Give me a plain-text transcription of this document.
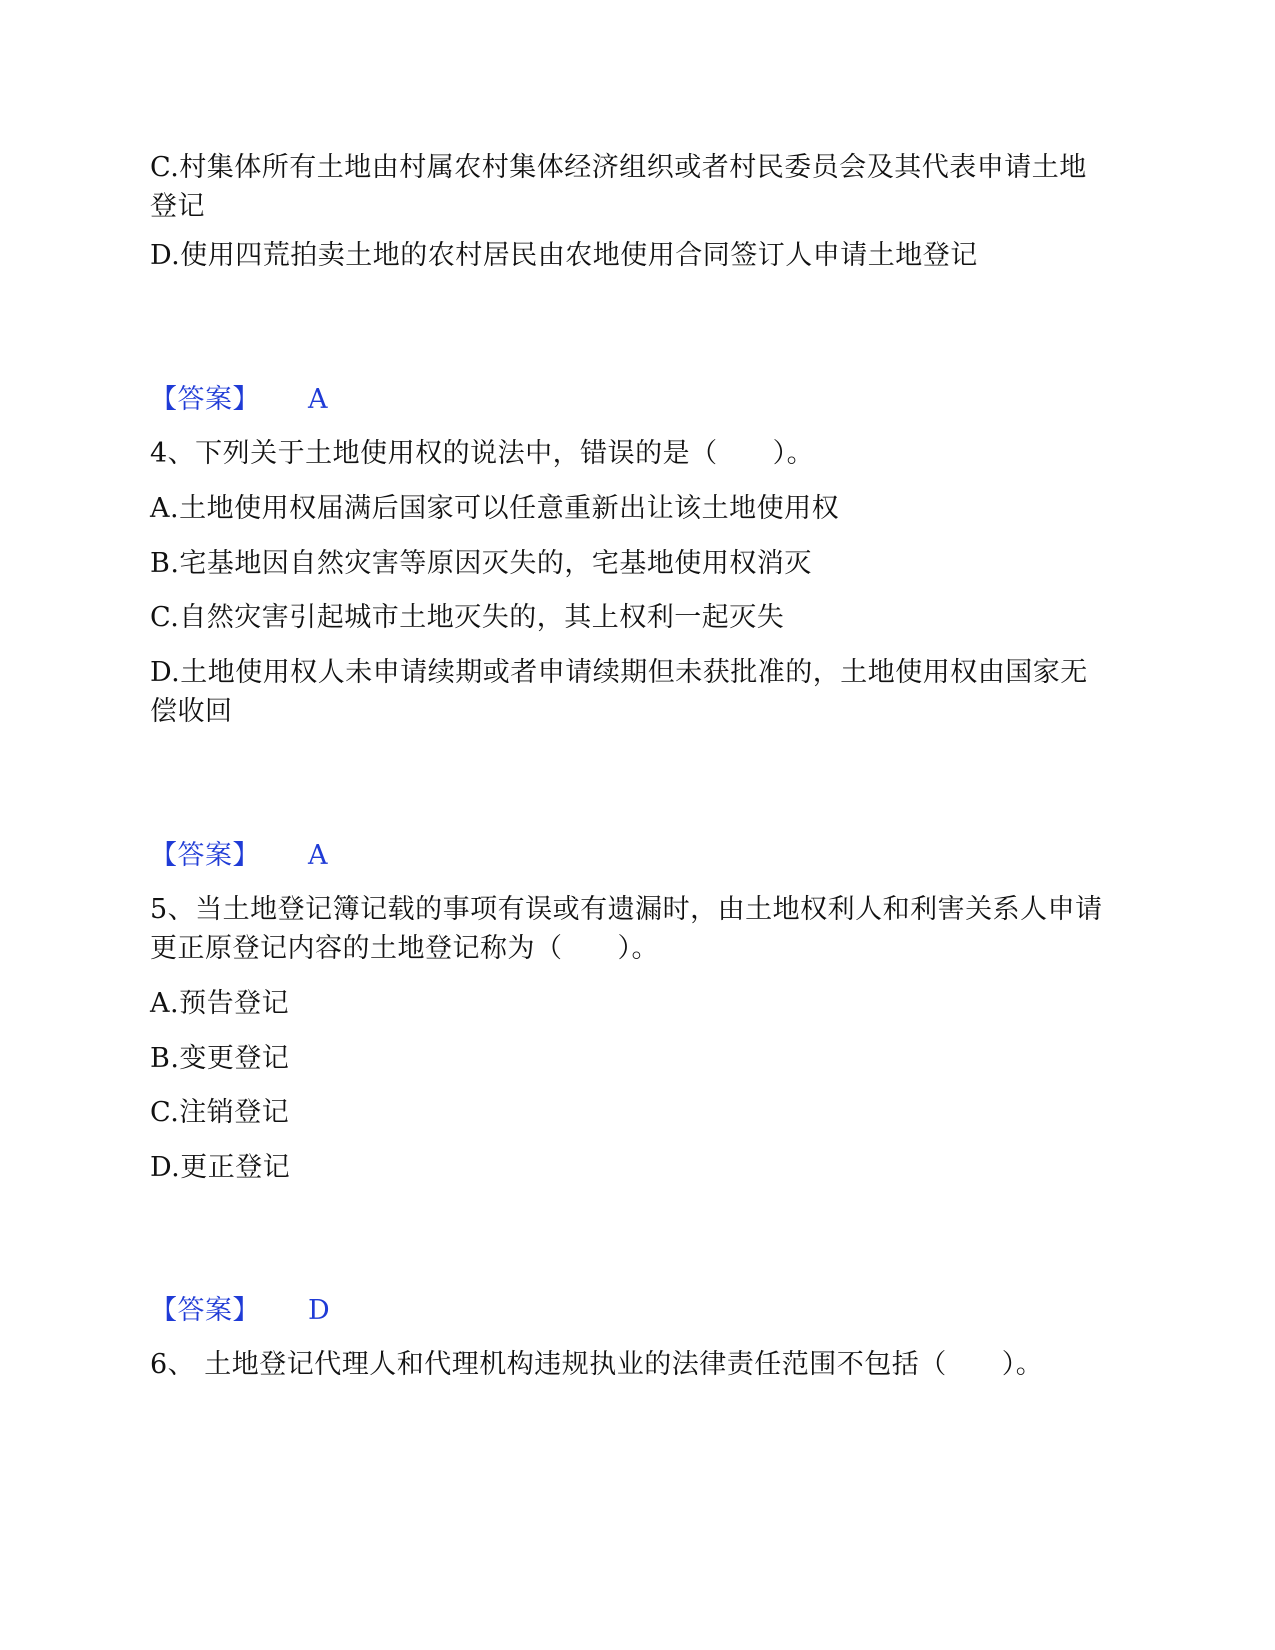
C.村集体所有土地由村属农村集体经济组织或者村民委员会及其代表申请土地登记
D.使用四荒拍卖土地的农村居民由农地使用合同签订人申请土地登记
【答案】 A
4、下列关于土地使用权的说法中，错误的是（　　）。
A.土地使用权届满后国家可以任意重新出让该土地使用权
B.宅基地因自然灾害等原因灭失的，宅基地使用权消灭
C.自然灾害引起城市土地灭失的，其上权利一起灭失
D.土地使用权人未申请续期或者申请续期但未获批准的，土地使用权由国家无偿收回
【答案】 A
5、当土地登记簿记载的事项有误或有遗漏时，由土地权利人和利害关系人申请更正原登记内容的土地登记称为（　　）。
A.预告登记
B.变更登记
C.注销登记
D.更正登记
【答案】 D
6、 土地登记代理人和代理机构违规执业的法律责任范围不包括（　　）。
